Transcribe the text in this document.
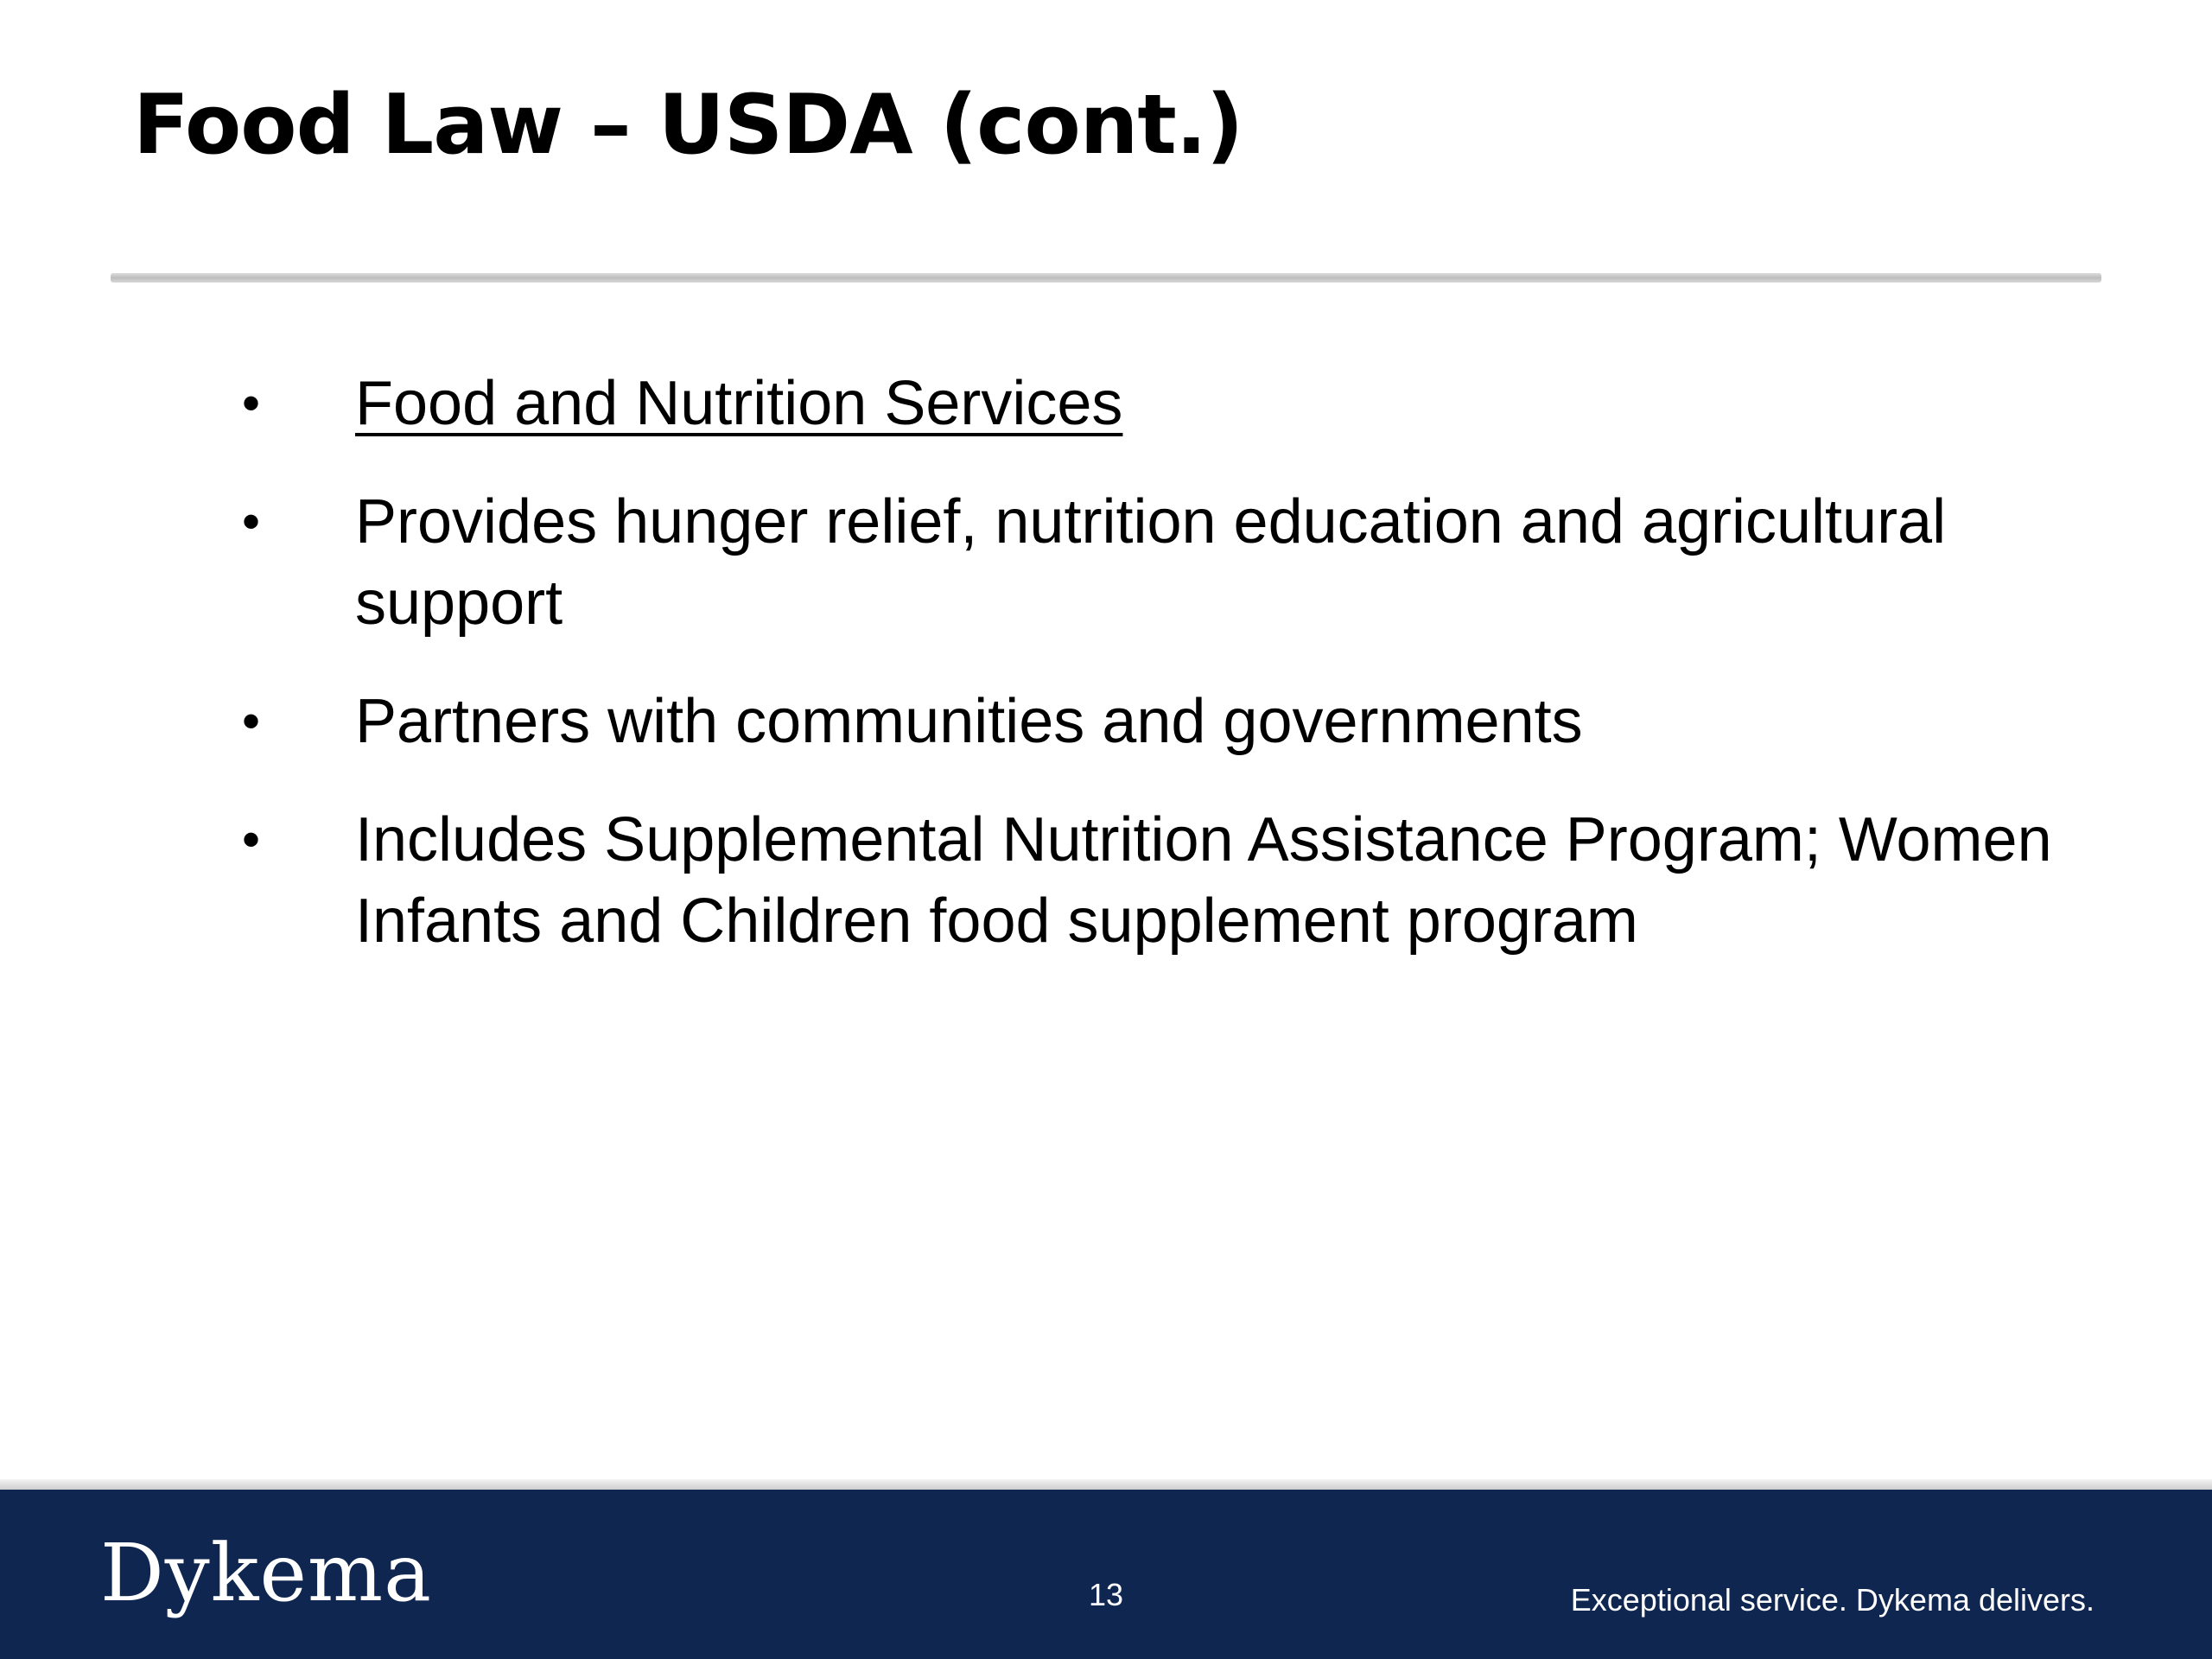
Food Law – USDA (cont.)
• Food and Nutrition Services
• Provides hunger relief, nutrition education and agricultural support
• Partners with communities and governments
• Includes Supplemental Nutrition Assistance Program; Women Infants and Children food supplement program
Dykema	13	Exceptional service. Dykema delivers.
